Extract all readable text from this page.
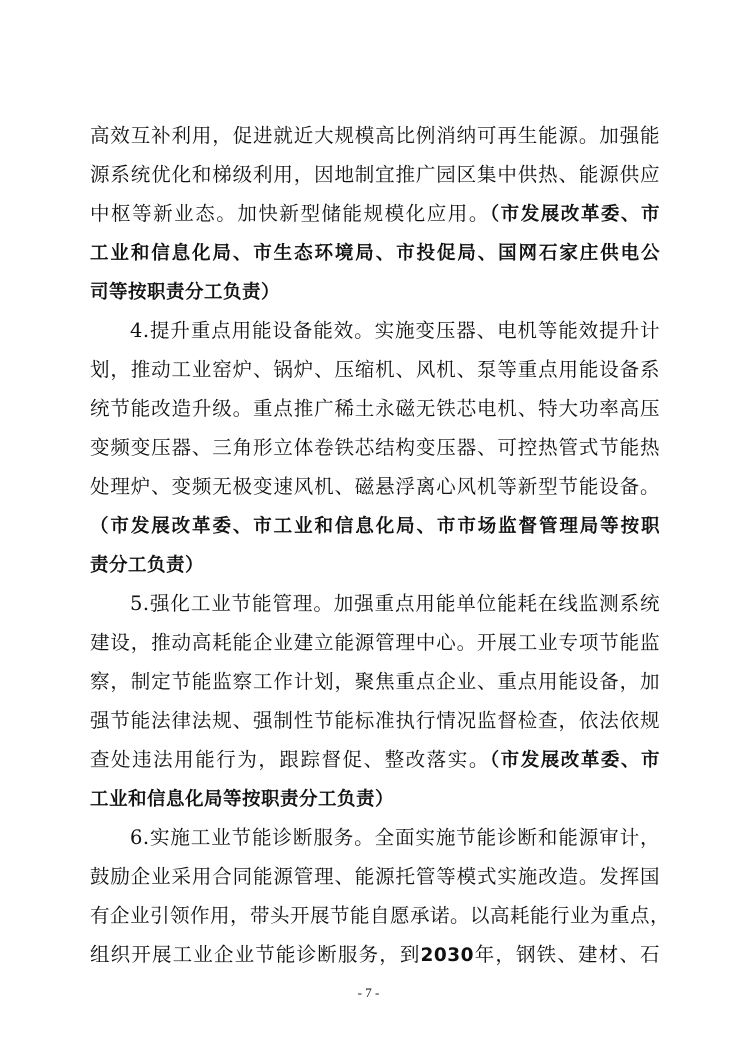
高效互补利用，促进就近大规模高比例消纳可再生能源。加强能
源系统优化和梯级利用，因地制宜推广园区集中供热、能源供应
中枢等新业态。加快新型储能规模化应用。（市发展改革委、市
工业和信息化局、市生态环境局、市投促局、国网石家庄供电公
司等按职责分工负责）
4.提升重点用能设备能效。实施变压器、电机等能效提升计
划，推动工业窑炉、锅炉、压缩机、风机、泵等重点用能设备系
统节能改造升级。重点推广稀土永磁无铁芯电机、特大功率高压
变频变压器、三角形立体卷铁芯结构变压器、可控热管式节能热
处理炉、变频无极变速风机、磁悬浮离心风机等新型节能设备。
（市发展改革委、市工业和信息化局、市市场监督管理局等按职
责分工负责）
5.强化工业节能管理。加强重点用能单位能耗在线监测系统
建设，推动高耗能企业建立能源管理中心。开展工业专项节能监
察，制定节能监察工作计划，聚焦重点企业、重点用能设备，加
强节能法律法规、强制性节能标准执行情况监督检查，依法依规
查处违法用能行为，跟踪督促、整改落实。（市发展改革委、市
工业和信息化局等按职责分工负责）
6.实施工业节能诊断服务。全面实施节能诊断和能源审计，
鼓励企业采用合同能源管理、能源托管等模式实施改造。发挥国
有企业引领作用，带头开展节能自愿承诺。以高耗能行业为重点，
组织开展工业企业节能诊断服务，到2030年，钢铁、建材、石
- 7 -
